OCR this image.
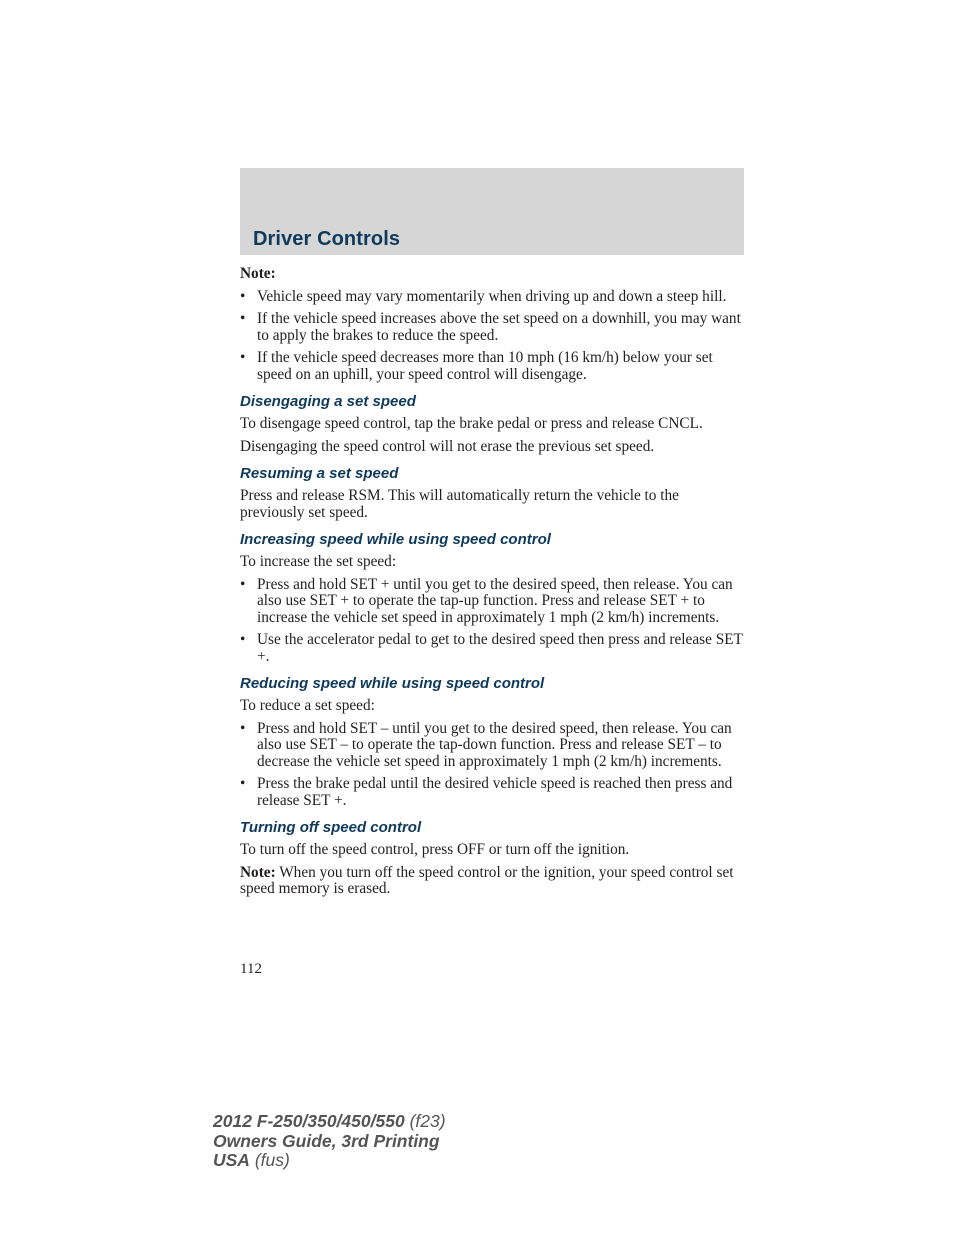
Driver Controls

Note:

• Vehicle speed may vary momentarily when driving up and down a steep hill.
• If the vehicle speed increases above the set speed on a downhill, you may want to apply the brakes to reduce the speed.
• If the vehicle speed decreases more than 10 mph (16 km/h) below your set speed on an uphill, your speed control will disengage.
Disengaging a set speed

To disengage speed control, tap the brake pedal or press and release CNCL.

Disengaging the speed control will not erase the previous set speed.

Resuming a set speed

Press and release RSM. This will automatically return the vehicle to the previously set speed.

Increasing speed while using speed control

To increase the set speed:

• Press and hold SET + until you get to the desired speed, then release. You can also use SET + to operate the tap-up function. Press and release SET + to increase the vehicle set speed in approximately 1 mph (2 km/h) increments.
• Use the accelerator pedal to get to the desired speed then press and release SET +.
Reducing speed while using speed control

To reduce a set speed:

• Press and hold SET – until you get to the desired speed, then release. You can also use SET – to operate the tap-down function. Press and release SET – to decrease the vehicle set speed in approximately 1 mph (2 km/h) increments.
• Press the brake pedal until the desired vehicle speed is reached then press and release SET +.
Turning off speed control

To turn off the speed control, press OFF or turn off the ignition.

Note: When you turn off the speed control or the ignition, your speed control set speed memory is erased.

112
2012 F-250/350/450/550 (f23)
Owners Guide, 3rd Printing
USA (fus)
